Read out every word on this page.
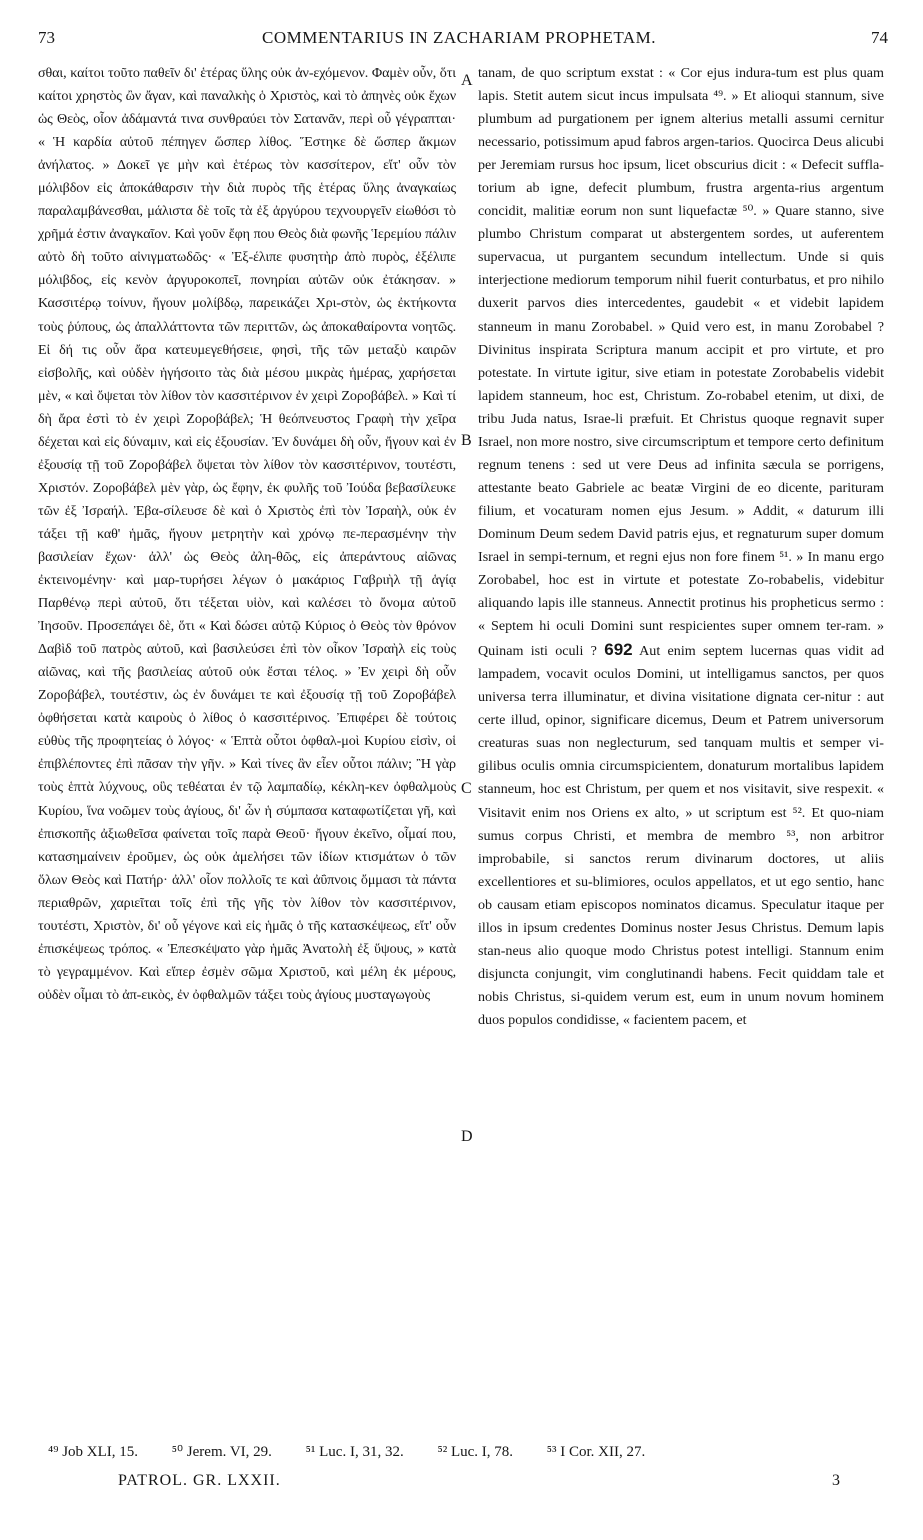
73	COMMENTARIUS IN ZACHARIAM PROPHETAM.	74

σθαι, καίτοι τοῦτο παθεῖν δι' ἑτέρας ὕλης οὐκ ἀν-εχόμενον. Φαμὲν οὖν, ὅτι καίτοι χρηστὸς ὢν ἄγαν, καὶ παναλκὴς ὁ Χριστὸς, καὶ τὸ ἀπηνὲς οὐκ ἔχων ὡς Θεὸς, οἷον ἀδάμαντά τινα συνθραύει τὸν Σατανᾶν, περὶ οὗ γέγραπται· « Ἡ καρδία αὐτοῦ πέπηγεν ὥσπερ λίθος. Ἕστηκε δὲ ὥσπερ ἄκμων ἀνήλατος. » Δοκεῖ γε μὴν καὶ ἑτέρως τὸν κασσίτερον, εἴτ' οὖν τὸν μόλιβδον εἰς ἀποκάθαρσιν τὴν διὰ πυρὸς τῆς ἑτέρας ὕλης ἀναγκαίως παραλαμβάνεσθαι, μάλιστα δὲ τοῖς τὰ ἐξ ἀργύρου τεχνουργεῖν εἰωθόσι τὸ χρῆμά ἐστιν ἀναγκαῖον. Καὶ γοῦν ἔφη που Θεὸς διὰ φωνῆς Ἱερεμίου πάλιν αὐτὸ δὴ τοῦτο αἰνιγματωδῶς· « Ἐξ-έλιπε φυσητὴρ ἀπὸ πυρὸς, ἐξέλιπε μόλιβδος, εἰς κενὸν ἀργυροκοπεῖ, πονηρίαι αὐτῶν οὐκ ἐτάκησαν. » Κασσιτέρῳ τοίνυν, ἤγουν μολίβδῳ, παρεικάζει Χρι-στὸν, ὡς ἐκτήκοντα τοὺς ῥύπους, ὡς ἀπαλλάττοντα τῶν περιττῶν, ὡς ἀποκαθαίροντα νοητῶς. Εἰ δή τις οὖν ἄρα κατευμεγεθήσειε, φησὶ, τῆς τῶν μεταξὺ καιρῶν εἰσβολῆς, καὶ οὐδὲν ἡγήσοιτο τὰς διὰ μέσου μικρὰς ἡμέρας, χαρήσεται μὲν, « καὶ ὄψεται τὸν λίθον τὸν κασσιτέρινον ἐν χειρὶ Ζοροβάβελ. » Καὶ τί δὴ ἄρα ἐστὶ τὸ ἐν χειρὶ Ζοροβάβελ; Ἡ θεόπνευστος Γραφὴ τὴν χεῖρα δέχεται καὶ εἰς δύναμιν, καὶ εἰς ἐξουσίαν. Ἐν δυνάμει δὴ οὖν, ἤγουν καὶ ἐν ἐξουσίᾳ τῇ τοῦ Ζοροβάβελ ὄψεται τὸν λίθον τὸν κασσιτέρινον, τουτέστι, Χριστόν. Ζοροβάβελ μὲν γὰρ, ὡς ἔφην, ἐκ φυλῆς τοῦ Ἰούδα βεβασίλευκε τῶν ἐξ Ἰσραήλ. Ἐβα-σίλευσε δὲ καὶ ὁ Χριστὸς ἐπὶ τὸν Ἰσραὴλ, οὐκ ἐν τάξει τῇ καθ' ἡμᾶς, ἤγουν μετρητὴν καὶ χρόνῳ πε-περασμένην τὴν βασιλείαν ἔχων· ἀλλ' ὡς Θεὸς ἀλη-θῶς, εἰς ἀπεράντους αἰῶνας ἐκτεινομένην· καὶ μαρ-τυρήσει λέγων ὁ μακάριος Γαβριὴλ τῇ ἁγίᾳ Παρθένῳ περὶ αὐτοῦ, ὅτι τέξεται υἱὸν, καὶ καλέσει τὸ ὄνομα αὐτοῦ Ἰησοῦν. Προσεπάγει δὲ, ὅτι « Καὶ δώσει αὐτῷ Κύριος ὁ Θεὸς τὸν θρόνον Δαβὶδ τοῦ πατρὸς αὐτοῦ, καὶ βασιλεύσει ἐπὶ τὸν οἶκον Ἰσραὴλ εἰς τοὺς αἰῶνας, καὶ τῆς βασιλείας αὐτοῦ οὐκ ἔσται τέλος. » Ἐν χειρὶ δὴ οὖν Ζοροβάβελ, τουτέστιν, ὡς ἐν δυνάμει τε καὶ ἐξουσίᾳ τῇ τοῦ Ζοροβάβελ ὀφθήσεται κατὰ καιροὺς ὁ λίθος ὁ κασσιτέρινος. Ἐπιφέρει δὲ τούτοις εὐθὺς τῆς προφητείας ὁ λόγος· « Ἑπτὰ οὗτοι ὀφθαλ-μοὶ Κυρίου εἰσὶν, οἱ ἐπιβλέποντες ἐπὶ πᾶσαν τὴν γῆν. » Καὶ τίνες ἂν εἶεν οὗτοι πάλιν; Ἢ γὰρ τοὺς ἑπτὰ λύχνους, οὓς τεθέαται ἐν τῷ λαμπαδίῳ, κέκλη-κεν ὀφθαλμοὺς Κυρίου, ἵνα νοῶμεν τοὺς ἁγίους, δι' ὧν ἡ σύμπασα καταφωτίζεται γῆ, καὶ ἐπισκοπῆς ἀξιωθεῖσα φαίνεται τοῖς παρὰ Θεοῦ· ἤγουν ἐκεῖνο, οἶμαί που, κατασημαίνειν ἐροῦμεν, ὡς οὐκ ἀμελήσει τῶν ἰδίων κτισμάτων ὁ τῶν ὅλων Θεὸς καὶ Πατήρ· ἀλλ' οἷον πολλοῖς τε καὶ ἀΰπνοις ὄμμασι τὰ πάντα περιαθρῶν, χαριεῖται τοῖς ἐπὶ τῆς γῆς τὸν λίθον τὸν κασσιτέρινον, τουτέστι, Χριστὸν, δι' οὗ γέγονε καὶ εἰς ἡμᾶς ὁ τῆς κατασκέψεως, εἴτ' οὖν ἐπισκέψεως τρόπος. « Ἐπεσκέψατο γὰρ ἡμᾶς Ἀνατολὴ ἐξ ὕψους, » κατὰ τὸ γεγραμμένον. Καὶ εἴπερ ἐσμὲν σῶμα Χριστοῦ, καὶ μέλη ἐκ μέρους, οὐδὲν οἶμαι τὸ ἀπ-εικὸς, ἐν ὀφθαλμῶν τάξει τοὺς ἁγίους μυσταγωγοὺς

A
B
C
D

tanam, de quo scriptum exstat : « Cor ejus indura-tum est plus quam lapis. Stetit autem sicut incus impulsata ⁴⁹. » Et alioqui stannum, sive plumbum ad purgationem per ignem alterius metalli assumi cernitur necessario, potissimum apud fabros argen-tarios. Quocirca Deus alicubi per Jeremiam rursus hoc ipsum, licet obscurius dicit : « Defecit suffla-torium ab igne, defecit plumbum, frustra argenta-rius argentum concidit, malitiæ eorum non sunt liquefactæ ⁵⁰. » Quare stanno, sive plumbo Christum comparat ut abstergentem sordes, ut auferentem supervacua, ut purgantem secundum intellectum. Unde si quis interjectione mediorum temporum nihil fuerit conturbatus, et pro nihilo duxerit parvos dies intercedentes, gaudebit « et videbit lapidem stanneum in manu Zorobabel. » Quid vero est, in manu Zorobabel ? Divinitus inspirata Scriptura manum accipit et pro virtute, et pro potestate. In virtute igitur, sive etiam in potestate Zorobabelis videbit lapidem stanneum, hoc est, Christum. Zo-robabel etenim, ut dixi, de tribu Juda natus, Israe-li præfuit. Et Christus quoque regnavit super Israel, non more nostro, sive circumscriptum et tempore certo definitum regnum tenens : sed ut vere Deus ad infinita sæcula se porrigens, attestante beato Gabriele ac beatæ Virgini de eo dicente, parituram filium, et vocaturam nomen ejus Jesum. » Addit, « daturum illi Dominum Deum sedem David patris ejus, et regnaturum super domum Israel in sempi-ternum, et regni ejus non fore finem ⁵¹. » In manu ergo Zorobabel, hoc est in virtute et potestate Zo-robabelis, videbitur aliquando lapis ille stanneus. Annectit protinus his propheticus sermo : « Septem hi oculi Domini sunt respicientes super omnem ter-ram. » Quinam isti oculi ? 692 Aut enim septem lucernas quas vidit ad lampadem, vocavit oculos Domini, ut intelligamus sanctos, per quos universa terra illuminatur, et divina visitatione dignata cer-nitur : aut certe illud, opinor, significare dicemus, Deum et Patrem universorum creaturas suas non neglecturum, sed tanquam multis et semper vi-gilibus oculis omnia circumspicientem, donaturum mortalibus lapidem stanneum, hoc est Christum, per quem et nos visitavit, sive respexit. « Visitavit enim nos Oriens ex alto, » ut scriptum est ⁵². Et quo-niam sumus corpus Christi, et membra de membro ⁵³, non arbitror improbabile, si sanctos rerum divinarum doctores, ut aliis excellentiores et su-blimiores, oculos appellatos, et ut ego sentio, hanc ob causam etiam episcopos nominatos dicamus. Speculatur itaque per illos in ipsum credentes Dominus noster Jesus Christus. Demum lapis stan-neus alio quoque modo Christus potest intelligi. Stannum enim disjuncta conjungit, vim conglutinandi habens. Fecit quiddam tale et nobis Christus, si-quidem verum est, eum in unum novum hominem duos populos condidisse, « facientem pacem, et

⁴⁹ Job XLI, 15. ⁵⁰ Jerem. VI, 29. ⁵¹ Luc. I, 31, 32. ⁵² Luc. I, 78. ⁵³ I Cor. XII, 27.
PATROL. GR. LXXII.	3
